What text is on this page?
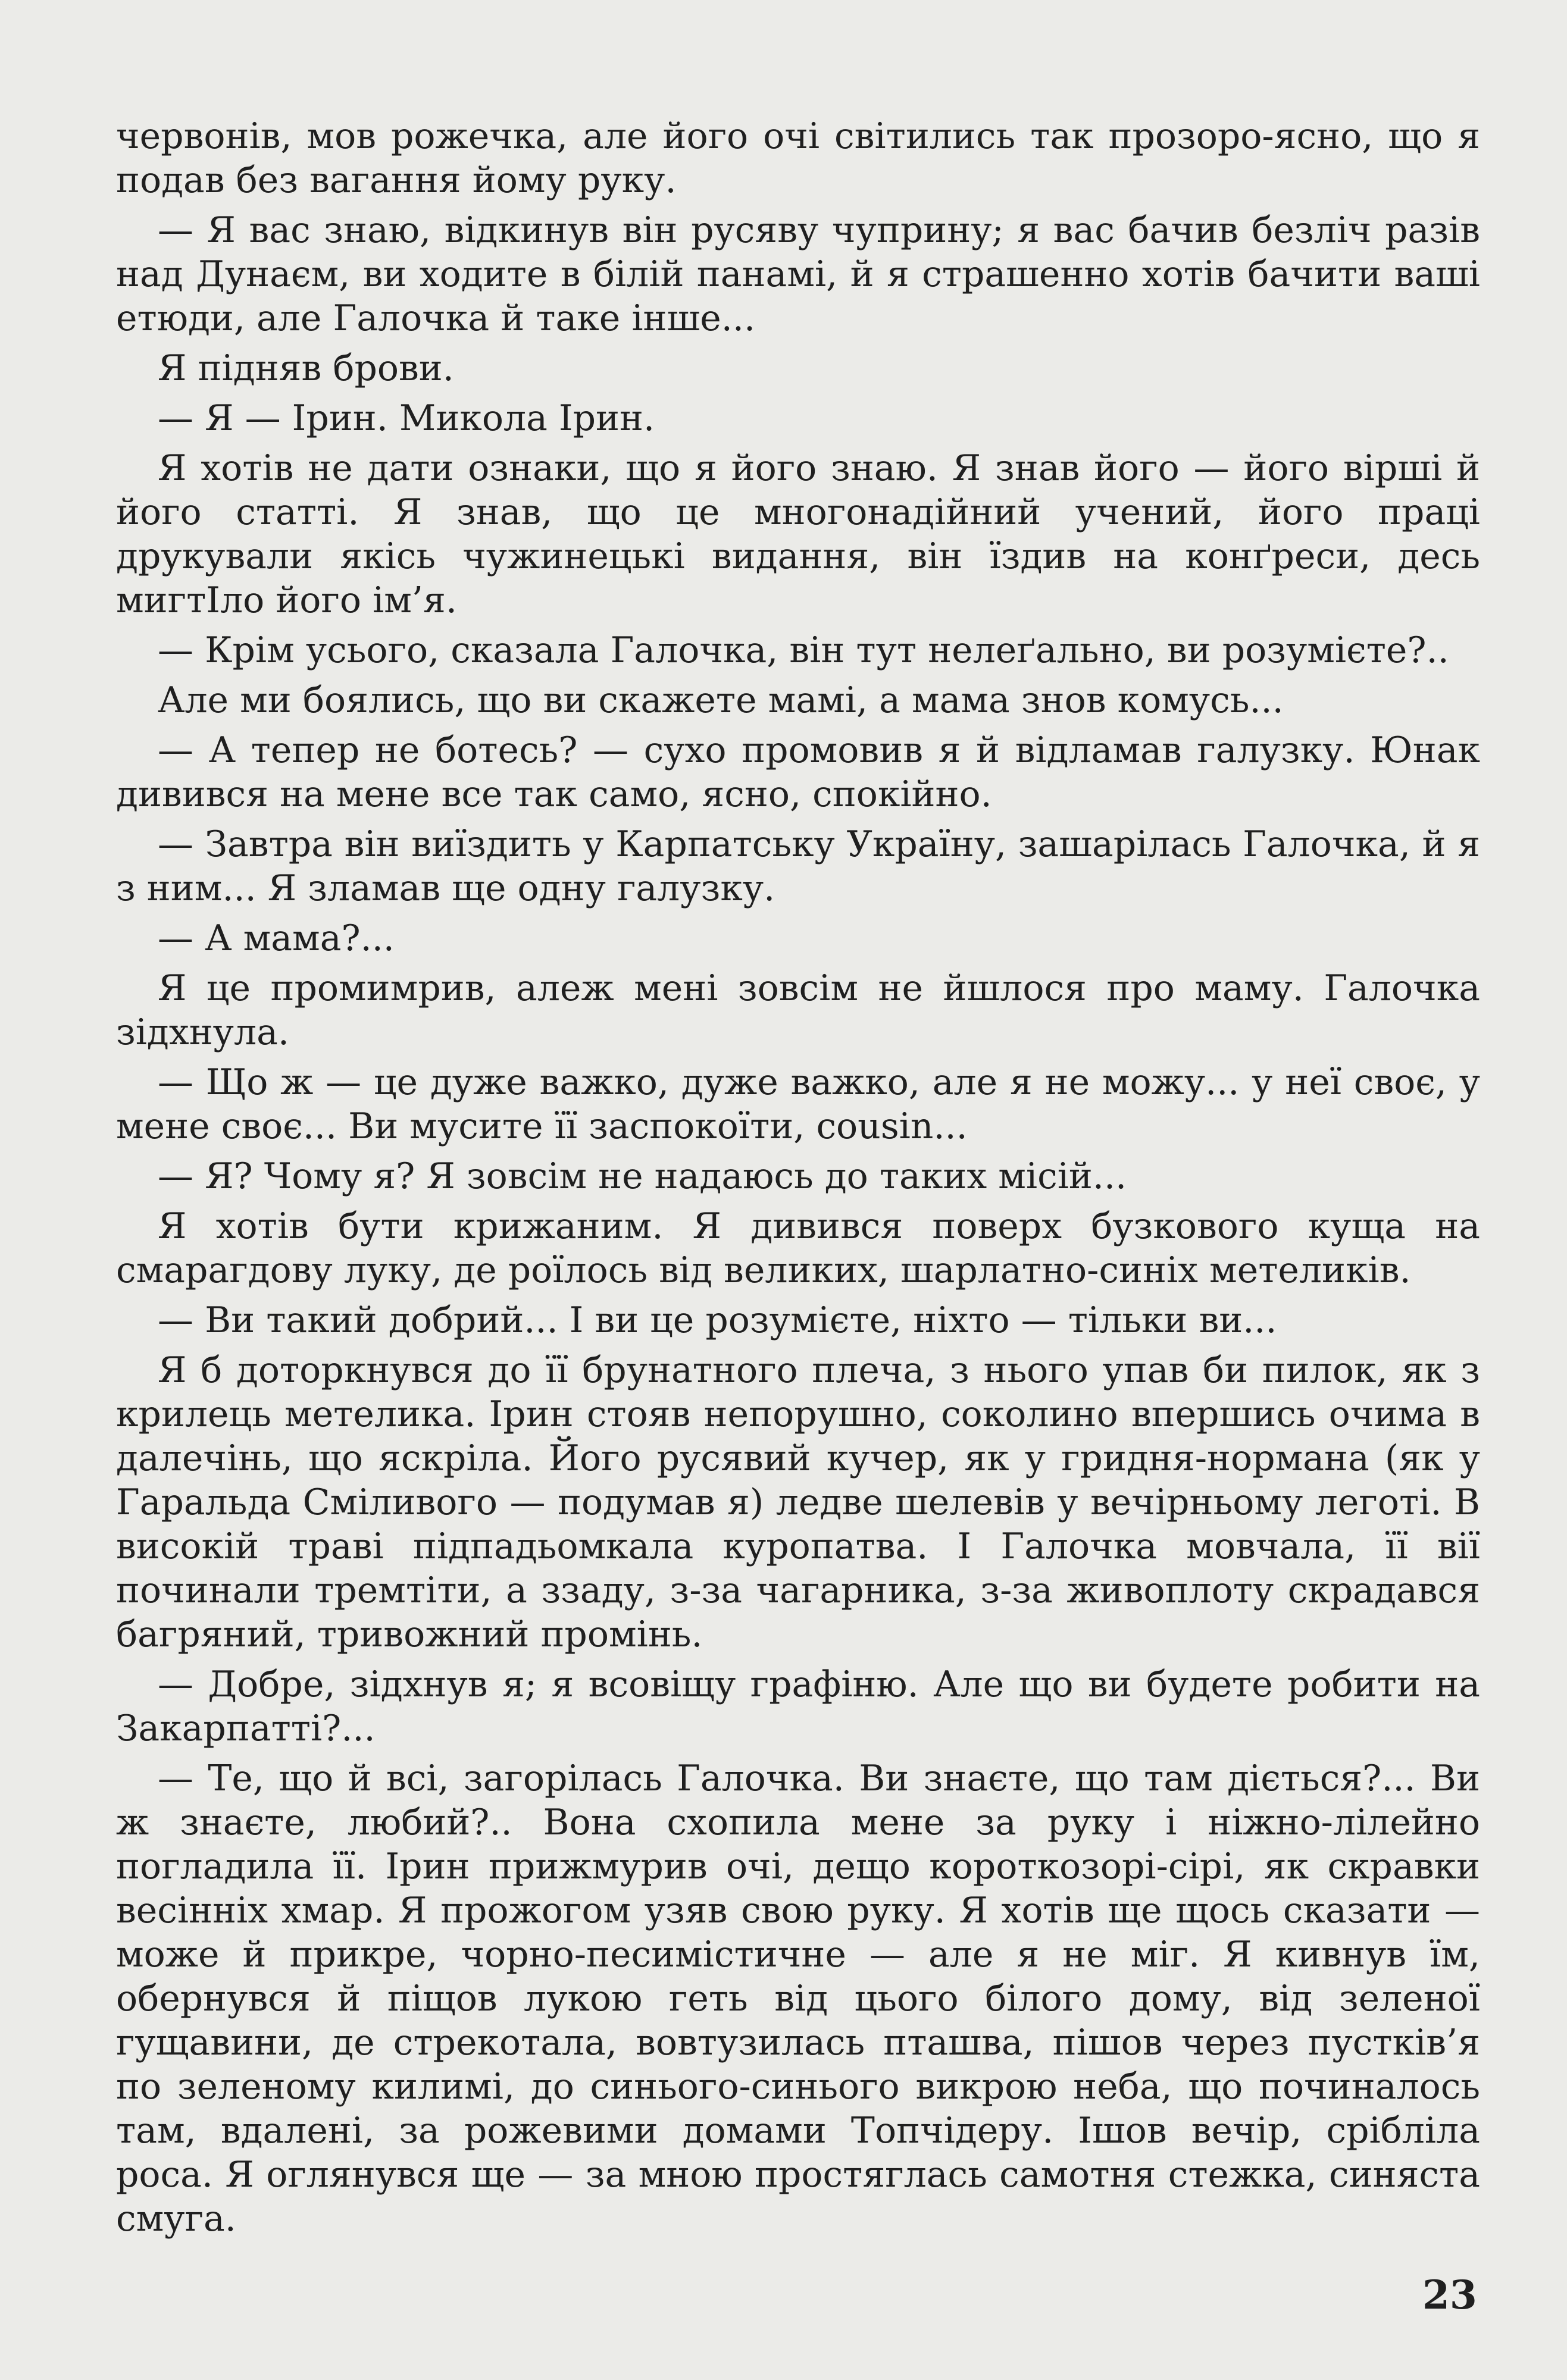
червонів, мов рожечка, але його очі світились так прозоро-ясно, що я подав без вагання йому руку.

— Я вас знаю, відкинув він русяву чуприну; я вас бачив безліч разів над Дунаєм, ви ходите в білій панамі, й я страшенно хотів бачити ваші етюди, але Галочка й таке інше...

Я підняв брови.

— Я — Ірин. Микола Ірин.

Я хотів не дати ознаки, що я його знаю. Я знав його — його вірші й його статті. Я знав, що це многонадійний учений, його праці друкували якісь чужинецькі видання, він їздив на конґреси, десь мигтІло його ім’я.

— Крім усього, сказала Галочка, він тут нелеґально, ви розумієте?..

Але ми боялись, що ви скажете мамі, а мама знов комусь...

— А тепер не ботесь? — сухо промовив я й відламав галузку. Юнак дивився на мене все так само, ясно, спокійно.

— Завтра він виїздить у Карпатську Україну, зашарілась Галочка, й я з ним... Я зламав ще одну галузку.

— А мама?...

Я це промимрив, алеж мені зовсім не йшлося про маму. Галочка зідхнула.

— Що ж — це дуже важко, дуже важко, але я не можу... у неї своє, у мене своє... Ви мусите її заспокоїти, cousin...

— Я? Чому я? Я зовсім не надаюсь до таких місій...

Я хотів бути крижаним. Я дивився поверх бузкового куща на смарагдову луку, де роїлось від великих, шарлатно-синіх метеликів.

— Ви такий добрий... І ви це розумієте, ніхто — тільки ви...

Я б доторкнувся до її брунатного плеча, з нього упав би пилок, як з крилець метелика. Ірин стояв непорушно, соколино впершись очима в далечінь, що яскріла. Його русявий кучер, як у гридня-нормана (як у Гаральда Сміливого — подумав я) ледве шелевів у вечірньому леготі. В високій траві підпадьомкала куропатва. І Галочка мовчала, її вії починали тремтіти, а ззаду, з-за чагарника, з-за живоплоту скрадався багряний, тривожний промінь.

— Добре, зідхнув я; я всовіщу графіню. Але що ви будете робити на Закарпатті?...

— Те, що й всі, загорілась Галочка. Ви знаєте, що там діється?... Ви ж знаєте, любий?.. Вона схопила мене за руку і ніжно-лілейно погладила її. Ірин прижмурив очі, дещо короткозорі-сірі, як скравки весінніх хмар. Я прожогом узяв свою руку. Я хотів ще щось сказати — може й прикре, чорно-песимістичне — але я не міг. Я кивнув їм, обернувся й піщов лукою геть від цього білого дому, від зеленої гущавини, де стрекотала, вовтузилась пташва, пішов через пустків’я по зеленому килимі, до синього-синього викрою неба, що починалось там, вдалені, за рожевими домами Топчідеру. Ішов вечір, сріблілa роса. Я оглянувся ще — за мною простяглась самотня стежка, синяста смуга.

23
